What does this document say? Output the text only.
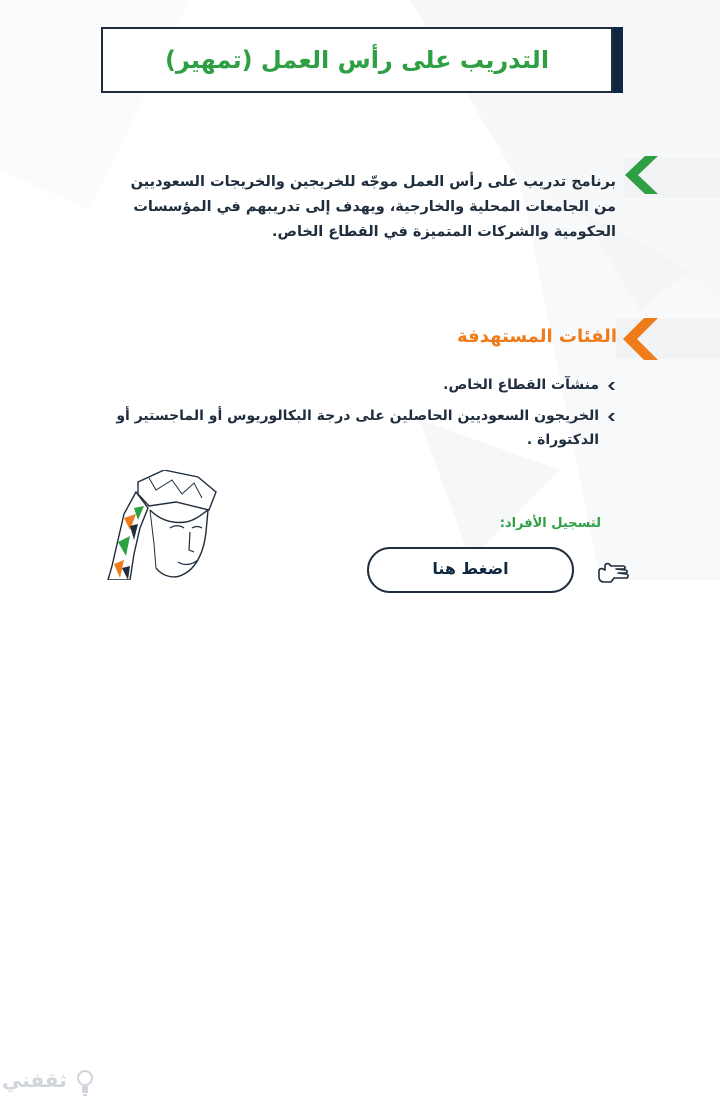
التدريب على رأس العمل (تمهير)
برنامج تدريب على رأس العمل موجّه للخريجين والخريجات السعوديين من الجامعات المحلية والخارجية، ويهدف إلى تدريبهم في المؤسسات الحكومية والشركات المتميزة في القطاع الخاص.
الفئات المستهدفة
منشآت القطاع الخاص.
الخريجون السعوديين الحاصلين على درجة البكالوريوس أو الماجستير أو الدكتوراة .
لتسجيل الأفراد:
اضغط هنا
ثقفني
